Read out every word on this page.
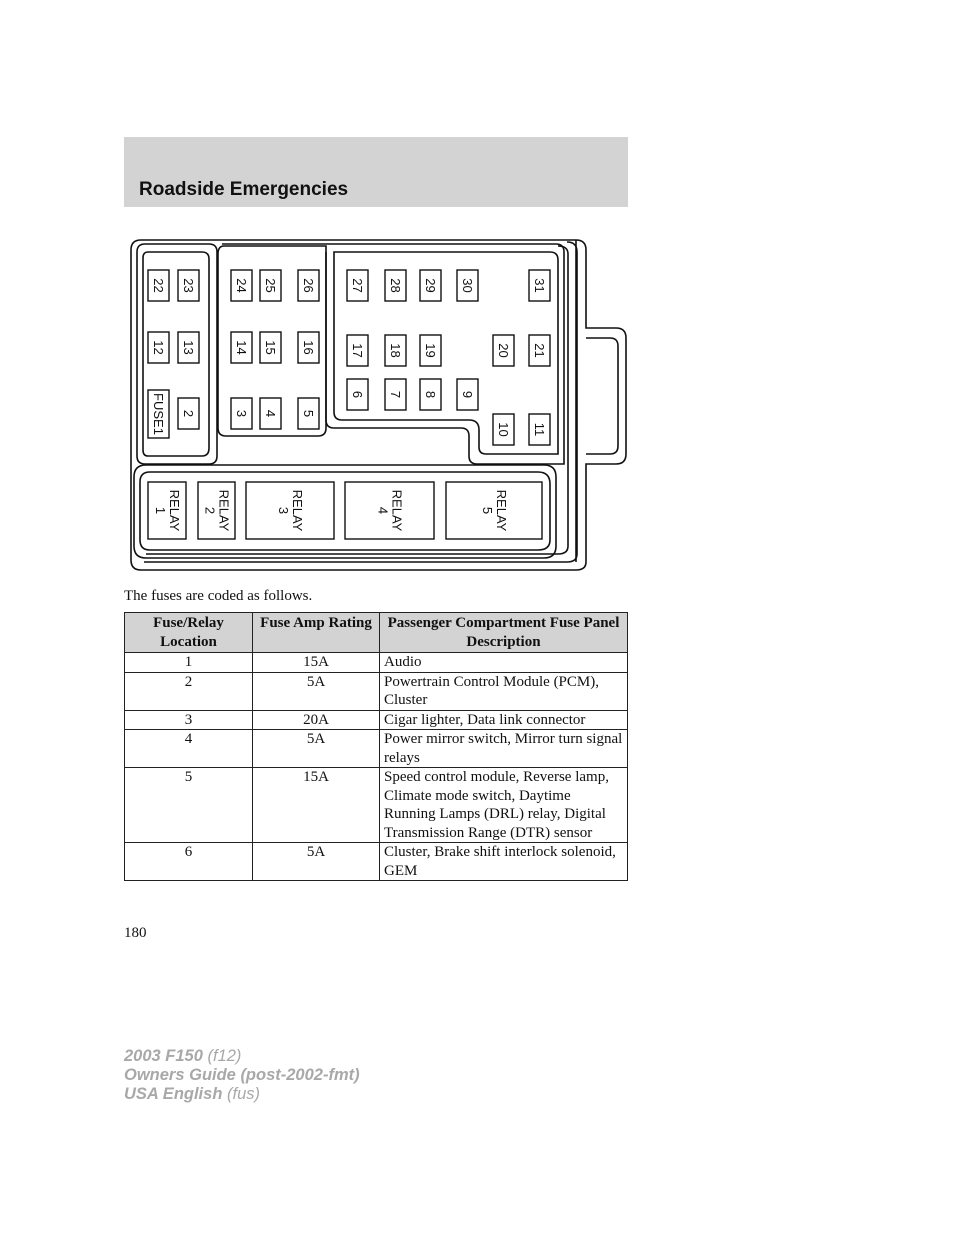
Roadside Emergencies
22 23
12 13
FUSE1 2
24 25 26
14 15 16
3 4 5
27 28 29 30	31
17 18 19	20 21
6 7 8 9
10 11
RELAY1	RELAY2	RELAY3	RELAY4	RELAY5
The fuses are coded as follows.
Fuse/Relay Location	Fuse Amp Rating	Passenger Compartment Fuse Panel Description
1	15A	Audio
2	5A	Powertrain Control Module (PCM), Cluster
3	20A	Cigar lighter, Data link connector
4	5A	Power mirror switch, Mirror turn signal relays
5	15A	Speed control module, Reverse lamp, Climate mode switch, Daytime Running Lamps (DRL) relay, Digital Transmission Range (DTR) sensor
6	5A	Cluster, Brake shift interlock solenoid, GEM
180
2003 F150 (f12)
Owners Guide (post-2002-fmt)
USA English (fus)
